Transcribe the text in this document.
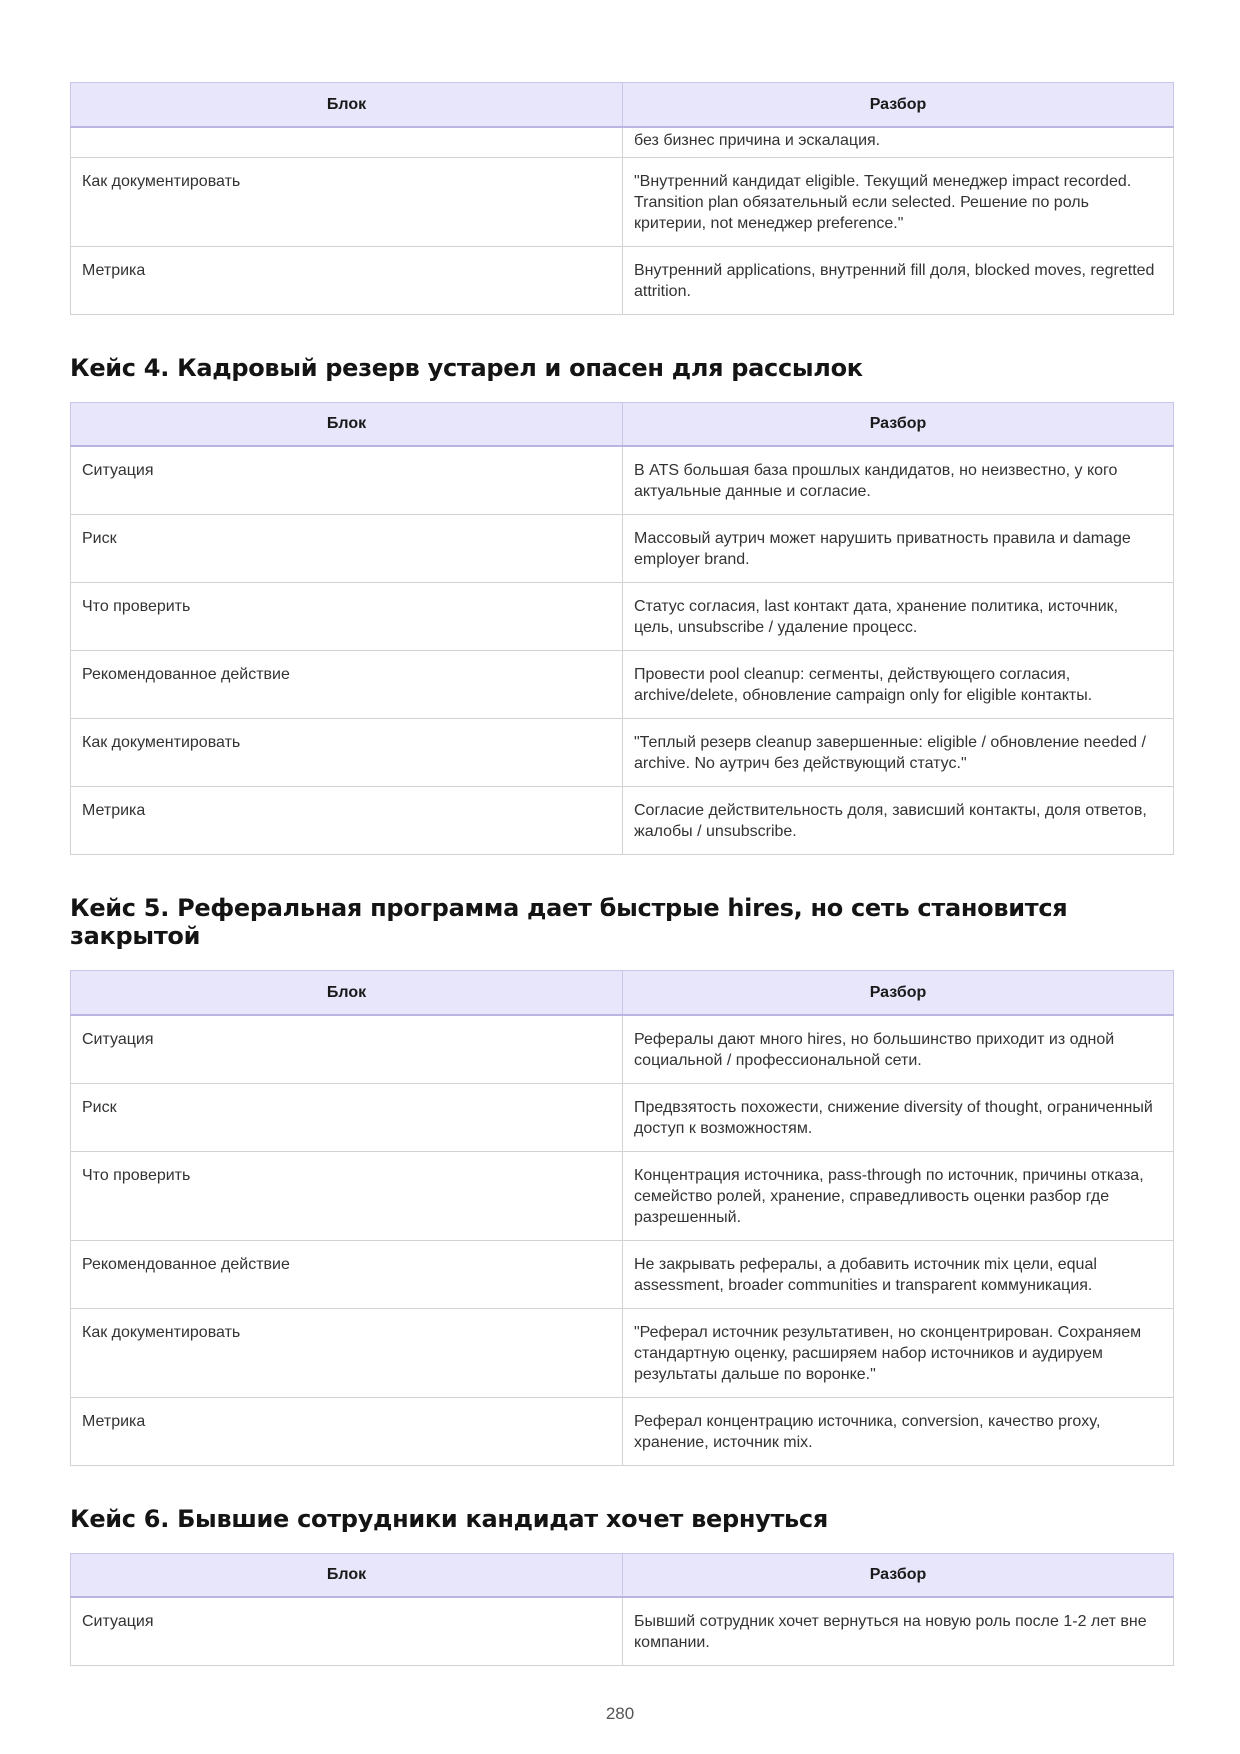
Блок	Разбор
	без бизнес причина и эскалация.
Как документировать	"Внутренний кандидат eligible. Текущий менеджер impact recorded. Transition plan обязательный если selected. Решение по роль критерии, not менеджер preference."
Метрика	Внутренний applications, внутренний fill доля, blocked moves, regretted attrition.
Кейс 4. Кадровый резерв устарел и опасен для рассылок
Блок	Разбор
Ситуация	В ATS большая база прошлых кандидатов, но неизвестно, у кого актуальные данные и согласие.
Риск	Массовый аутрич может нарушить приватность правила и damage employer brand.
Что проверить	Статус согласия, last контакт дата, хранение политика, источник, цель, unsubscribe / удаление процесс.
Рекомендованное действие	Провести pool cleanup: сегменты, действующего согласия, archive/delete, обновление campaign only for eligible контакты.
Как документировать	"Теплый резерв cleanup завершенные: eligible / обновление needed / archive. No аутрич без действующий статус."
Метрика	Согласие действительность доля, зависший контакты, доля ответов, жалобы / unsubscribe.
Кейс 5. Реферальная программа дает быстрые hires, но сеть становится закрытой
Блок	Разбор
Ситуация	Рефералы дают много hires, но большинство приходит из одной социальной / профессиональной сети.
Риск	Предвзятость похожести, снижение diversity of thought, ограниченный доступ к возможностям.
Что проверить	Концентрация источника, pass-through по источник, причины отказа, семейство ролей, хранение, справедливость оценки разбор где разрешенный.
Рекомендованное действие	Не закрывать рефералы, а добавить источник mix цели, equal assessment, broader communities и transparent коммуникация.
Как документировать	"Реферал источник результативен, но сконцентрирован. Сохраняем стандартную оценку, расширяем набор источников и аудируем результаты дальше по воронке."
Метрика	Реферал концентрацию источника, conversion, качество proxy, хранение, источник mix.
Кейс 6. Бывшие сотрудники кандидат хочет вернуться
Блок	Разбор
Ситуация	Бывший сотрудник хочет вернуться на новую роль после 1-2 лет вне компании.
280
